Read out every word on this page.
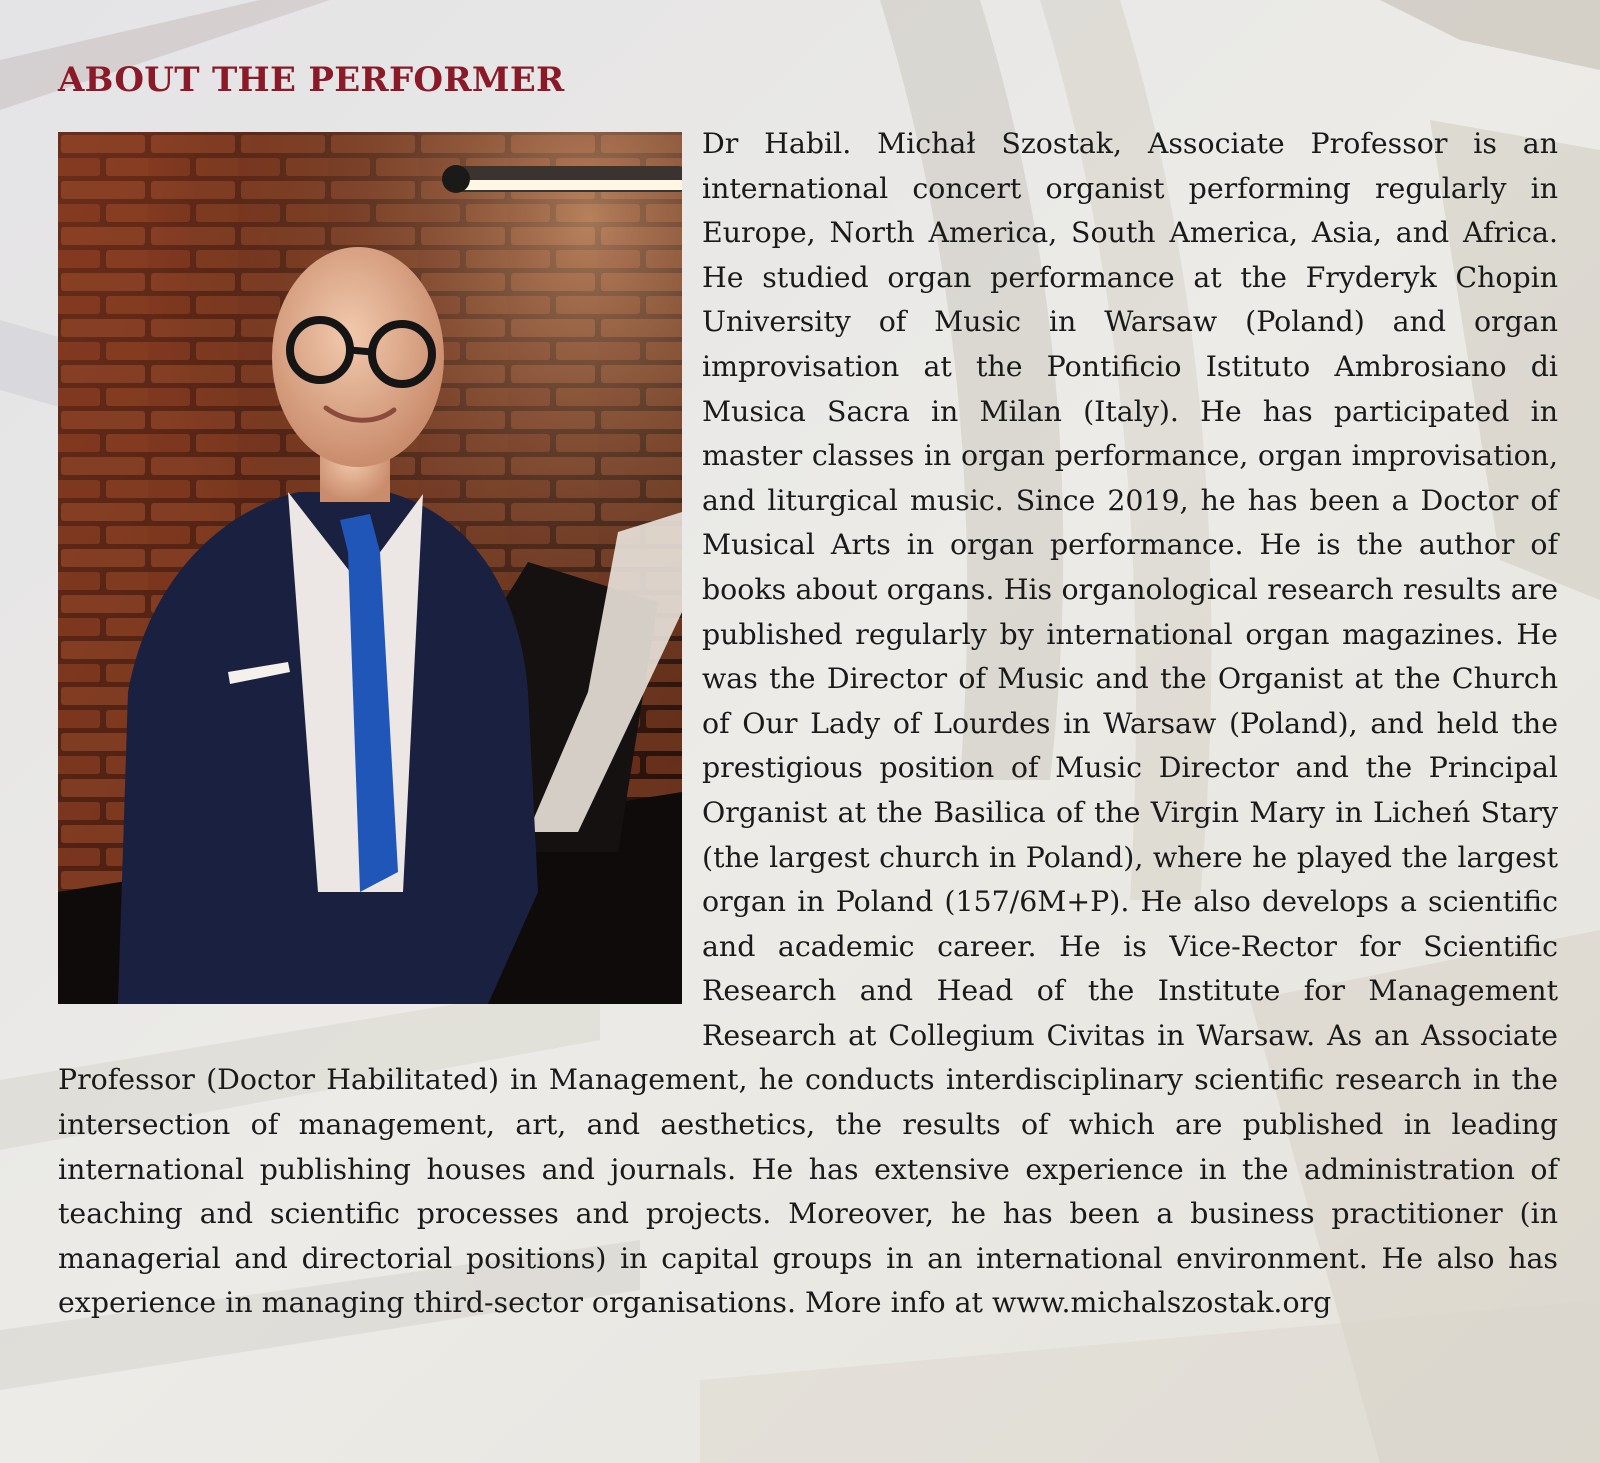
ABOUT THE PERFORMER
Dr Habil. Michał Szostak, Associate Professor is an international concert organist performing regularly in Europe, North America, South America, Asia, and Africa. He studied organ performance at the Fryderyk Chopin University of Music in Warsaw (Poland) and organ improvisation at the Pontificio Istituto Ambrosiano di Musica Sacra in Milan (Italy). He has participated in master classes in organ performance, organ improvisation, and liturgical music. Since 2019, he has been a Doctor of Musical Arts in organ performance. He is the author of books about organs. His organological research results are published regularly by international organ magazines. He was the Director of Music and the Organist at the Church of Our Lady of Lourdes in Warsaw (Poland), and held the prestigious position of Music Director and the Principal Organist at the Basilica of the Virgin Mary in Licheń Stary (the largest church in Poland), where he played the largest organ in Poland (157/6M+P). He also develops a scientific and academic career. He is Vice-Rector for Scientific Research and Head of the Institute for Management Research at Collegium Civitas in Warsaw. As an Associate Professor (Doctor Habilitated) in Management, he conducts interdisciplinary scientific research in the intersection of management, art, and aesthetics, the results of which are published in leading international publishing houses and journals. He has extensive experience in the administration of teaching and scientific processes and projects. Moreover, he has been a business practitioner (in managerial and directorial positions) in capital groups in an international environment. He also has experience in managing third-sector organisations. More info at www.michalszostak.org
